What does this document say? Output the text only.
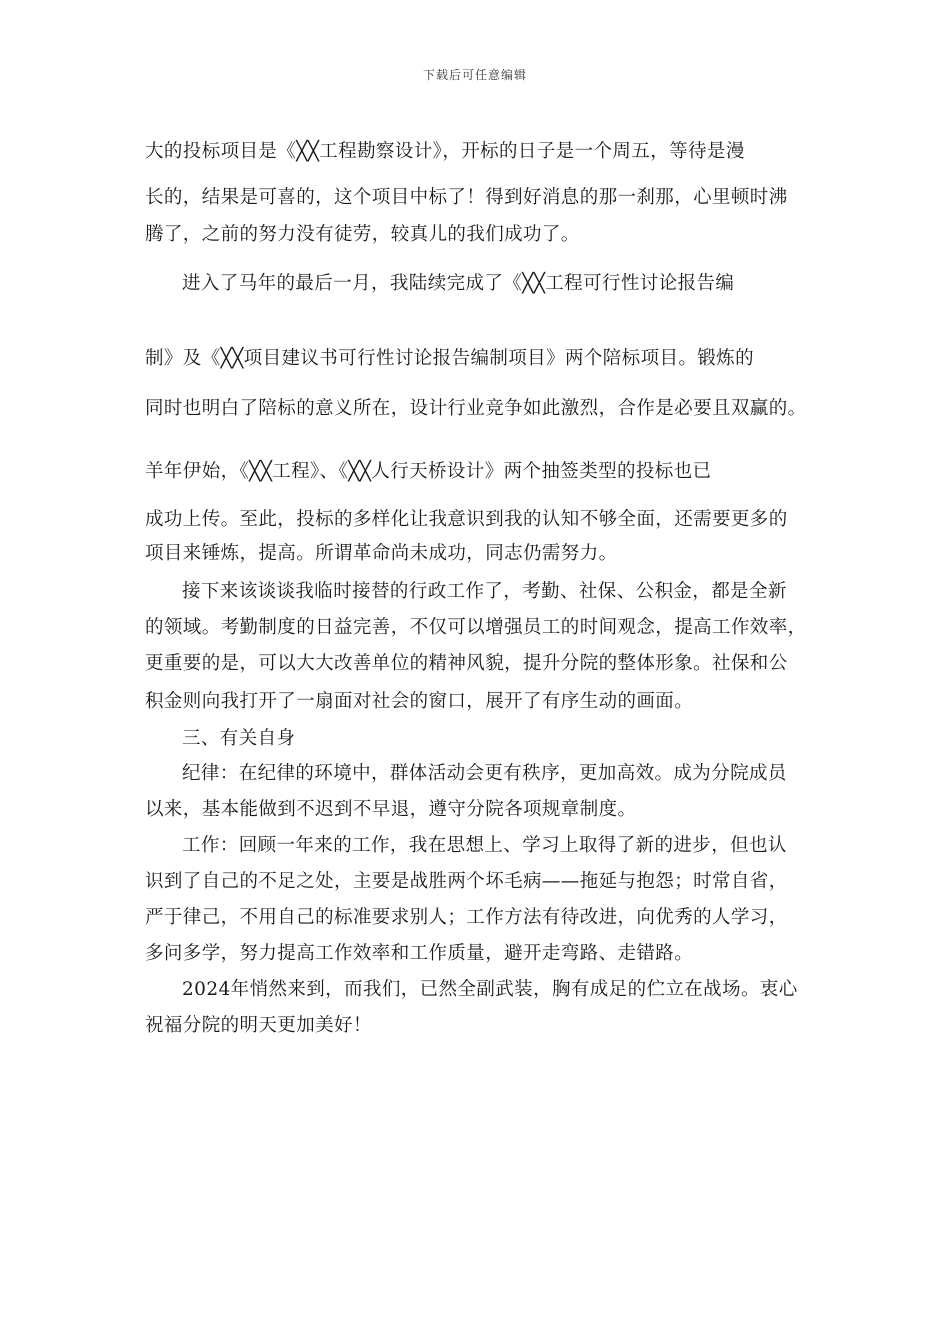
下载后可任意编辑
大的投标项目是《╳╳工程勘察设计》，开标的日子是一个周五，等待是漫
长的，结果是可喜的，这个项目中标了！得到好消息的那一刹那，心里顿时沸
腾了，之前的努力没有徒劳，较真儿的我们成功了。
进入了马年的最后一月，我陆续完成了《╳╳工程可行性讨论报告编
制》及《╳╳项目建议书可行性讨论报告编制项目》两个陪标项目。锻炼的
同时也明白了陪标的意义所在，设计行业竞争如此激烈，合作是必要且双赢的。
羊年伊始，《╳╳工程》、《╳╳人行天桥设计》两个抽签类型的投标也已
成功上传。至此，投标的多样化让我意识到我的认知不够全面，还需要更多的
项目来锤炼，提高。所谓革命尚未成功，同志仍需努力。
接下来该谈谈我临时接替的行政工作了，考勤、社保、公积金，都是全新
的领域。考勤制度的日益完善，不仅可以增强员工的时间观念，提高工作效率，
更重要的是，可以大大改善单位的精神风貌，提升分院的整体形象。社保和公
积金则向我打开了一扇面对社会的窗口，展开了有序生动的画面。
三、有关自身
纪律：在纪律的环境中，群体活动会更有秩序，更加高效。成为分院成员
以来，基本能做到不迟到不早退，遵守分院各项规章制度。
工作：回顾一年来的工作，我在思想上、学习上取得了新的进步，但也认
识到了自己的不足之处，主要是战胜两个坏毛病——拖延与抱怨；时常自省，
严于律己，不用自己的标准要求别人；工作方法有待改进，向优秀的人学习，
多问多学，努力提高工作效率和工作质量，避开走弯路、走错路。
2024年悄然来到，而我们，已然全副武装，胸有成足的伫立在战场。衷心
祝福分院的明天更加美好！
